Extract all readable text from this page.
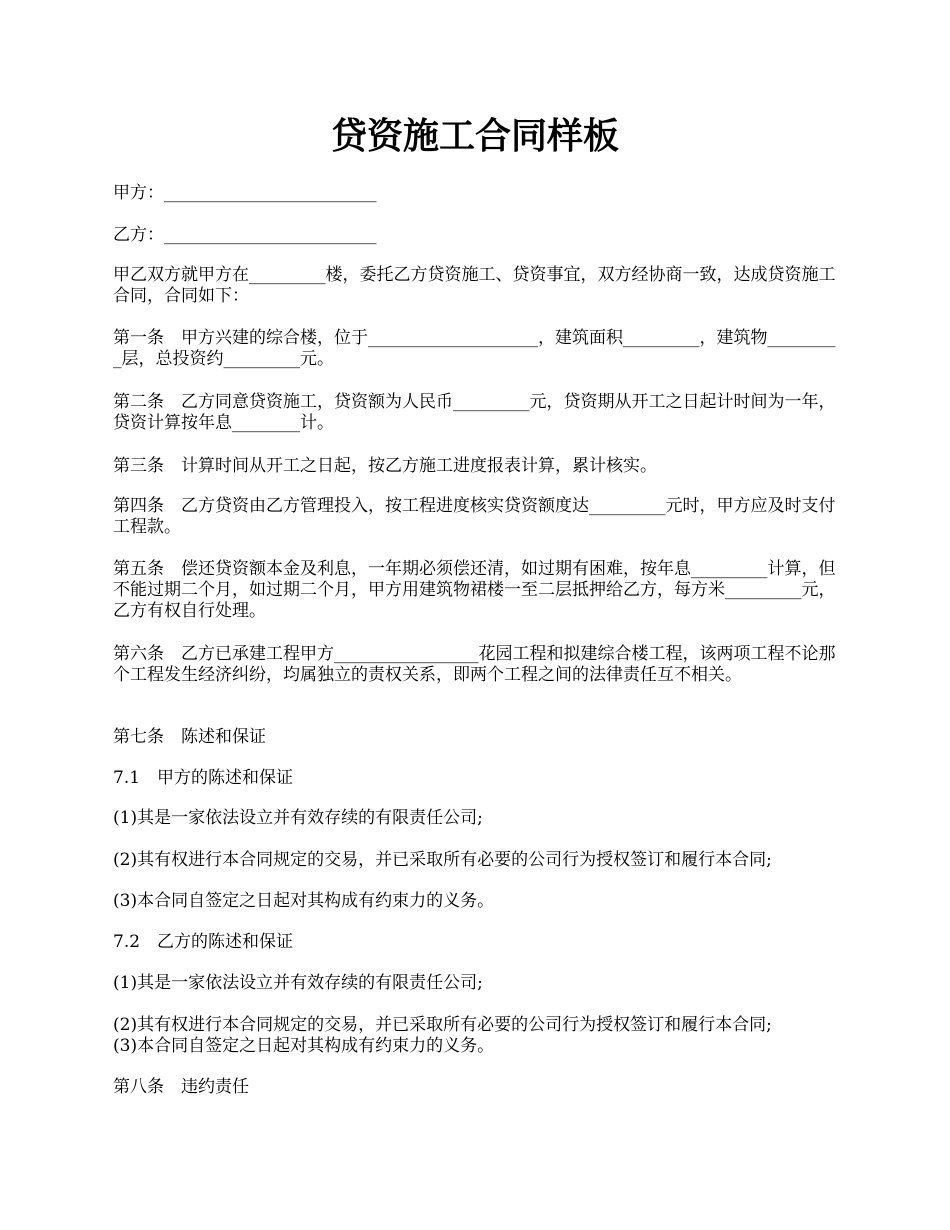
贷资施工合同样板

甲方：_________________________

乙方：_________________________

甲乙双方就甲方在_________楼，委托乙方贷资施工、贷资事宜，双方经协商一致，达成贷资施工合同，合同如下：

第一条　甲方兴建的综合楼，位于____________________，建筑面积_________，建筑物_________层，总投资约_________元。

第二条　乙方同意贷资施工，贷资额为人民币_________元，贷资期从开工之日起计时间为一年，贷资计算按年息________计。

第三条　计算时间从开工之日起，按乙方施工进度报表计算，累计核实。

第四条　乙方贷资由乙方管理投入，按工程进度核实贷资额度达_________元时，甲方应及时支付工程款。

第五条　偿还贷资额本金及利息，一年期必须偿还清，如过期有困难，按年息_________计算，但不能过期二个月，如过期二个月，甲方用建筑物裙楼一至二层抵押给乙方，每方米_________元，乙方有权自行处理。

第六条　乙方已承建工程甲方_________________花园工程和拟建综合楼工程，该两项工程不论那个工程发生经济纠纷，均属独立的责权关系，即两个工程之间的法律责任互不相关。

第七条　陈述和保证

7.1　甲方的陈述和保证

(1)其是一家依法设立并有效存续的有限责任公司;

(2)其有权进行本合同规定的交易，并已采取所有必要的公司行为授权签订和履行本合同;

(3)本合同自签定之日起对其构成有约束力的义务。

7.2　乙方的陈述和保证

(1)其是一家依法设立并有效存续的有限责任公司;

(2)其有权进行本合同规定的交易，并已采取所有必要的公司行为授权签订和履行本合同;

(3)本合同自签定之日起对其构成有约束力的义务。

第八条　违约责任
